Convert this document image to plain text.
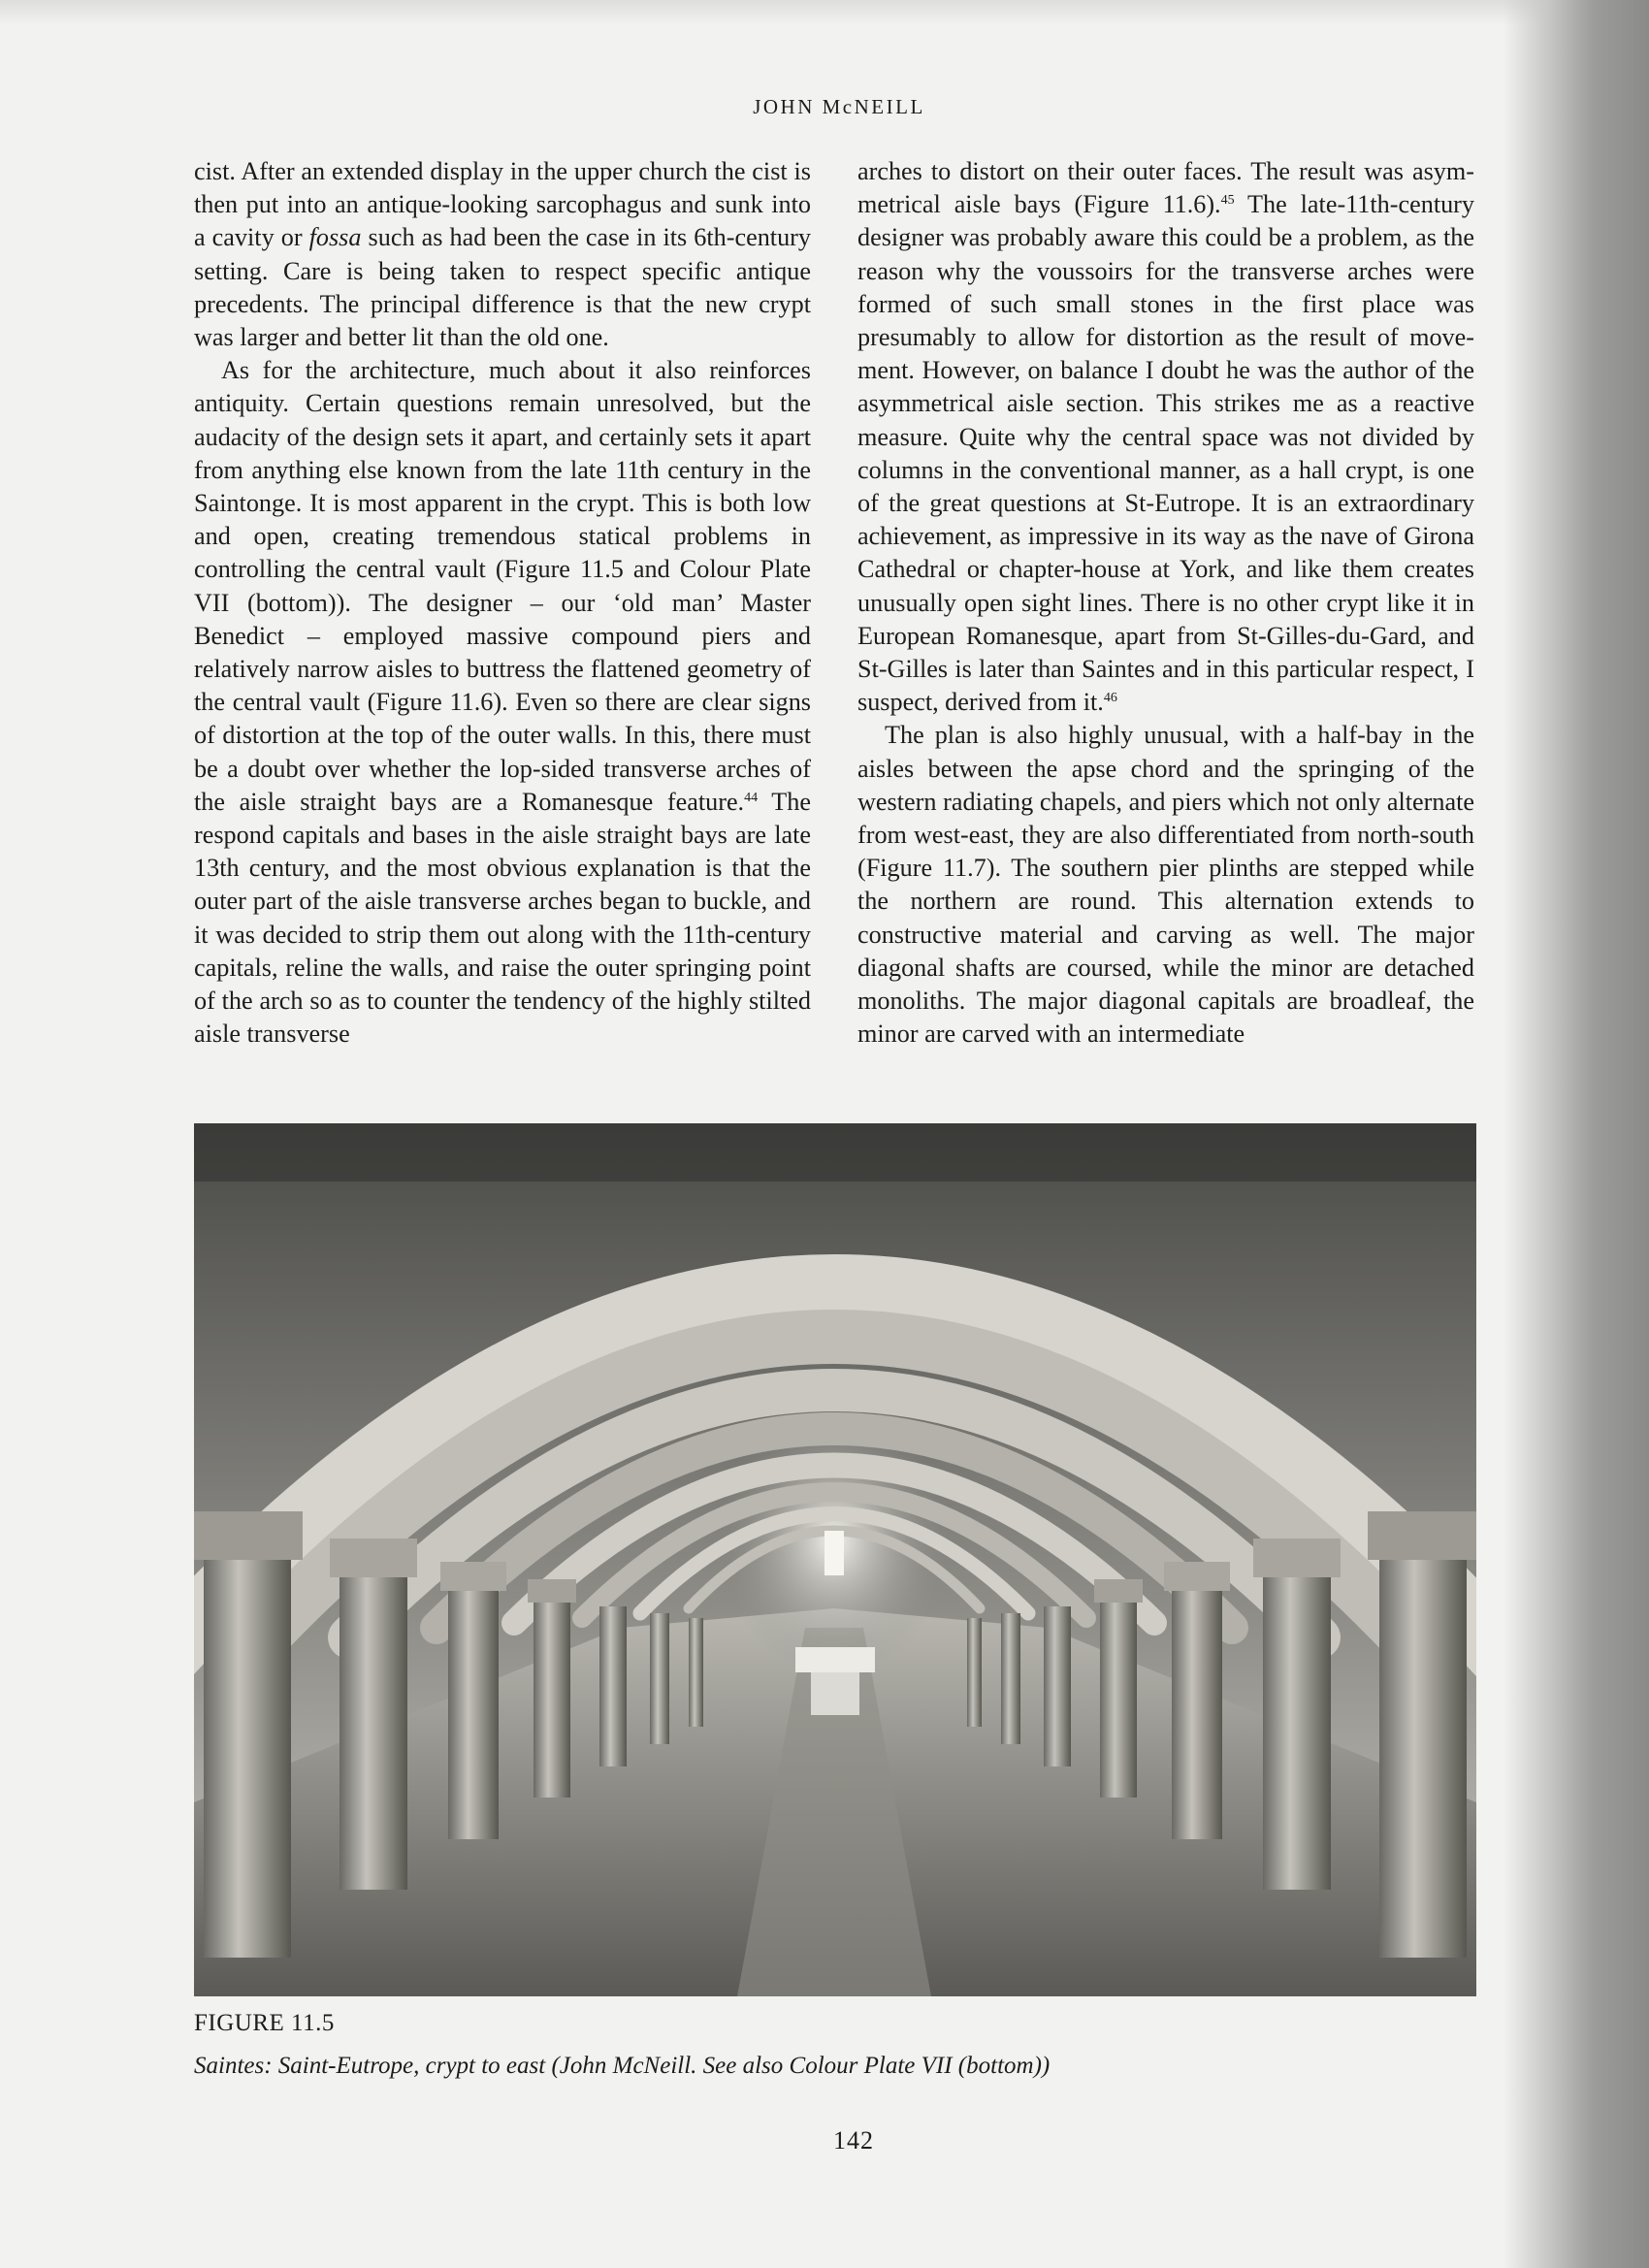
JOHN McNEILL

cist. After an extended display in the upper church the cist is then put into an antique-looking sarcophagus and sunk into a cavity or fossa such as had been the case in its 6th-century setting. Care is being taken to respect specific antique precedents. The principal difference is that the new crypt was larger and better lit than the old one.

As for the architecture, much about it also reinforces antiquity. Certain questions remain unresolved, but the audacity of the design sets it apart, and certainly sets it apart from anything else known from the late 11th century in the Saintonge. It is most apparent in the crypt. This is both low and open, creating tremendous statical problems in controlling the central vault (Figure 11.5 and Colour Plate VII (bottom)). The designer – our ‘old man’ Master Benedict – employed massive compound piers and relatively narrow aisles to buttress the flattened geometry of the central vault (Figure 11.6). Even so there are clear signs of distortion at the top of the outer walls. In this, there must be a doubt over whether the lop-sided transverse arches of the aisle straight bays are a Romanesque feature.$^{44}$ The respond capitals and bases in the aisle straight bays are late 13th century, and the most obvious explanation is that the outer part of the aisle transverse arches began to buckle, and it was decided to strip them out along with the 11th-century capitals, reline the walls, and raise the outer springing point of the arch so as to counter the tendency of the highly stilted aisle transverse

arches to distort on their outer faces. The result was asymmetrical aisle bays (Figure 11.6).$^{45}$ The late-11th-century designer was probably aware this could be a problem, as the reason why the voussoirs for the transverse arches were formed of such small stones in the first place was presumably to allow for distortion as the result of movement. However, on balance I doubt he was the author of the asymmetrical aisle section. This strikes me as a reactive measure. Quite why the central space was not divided by columns in the conventional manner, as a hall crypt, is one of the great questions at St-Eutrope. It is an extraordinary achievement, as impressive in its way as the nave of Girona Cathedral or chapter-house at York, and like them creates unusually open sight lines. There is no other crypt like it in European Romanesque, apart from St-Gilles-du-Gard, and St-Gilles is later than Saintes and in this particular respect, I suspect, derived from it.$^{46}$

The plan is also highly unusual, with a half-bay in the aisles between the apse chord and the springing of the western radiating chapels, and piers which not only alternate from west-east, they are also differentiated from north-south (Figure 11.7). The southern pier plinths are stepped while the northern are round. This alternation extends to constructive material and carving as well. The major diagonal shafts are coursed, while the minor are detached monoliths. The major diagonal capitals are broadleaf, the minor are carved with an intermediate

FIGURE 11.5
Saintes: Saint-Eutrope, crypt to east (John McNeill. See also Colour Plate VII (bottom))
142
